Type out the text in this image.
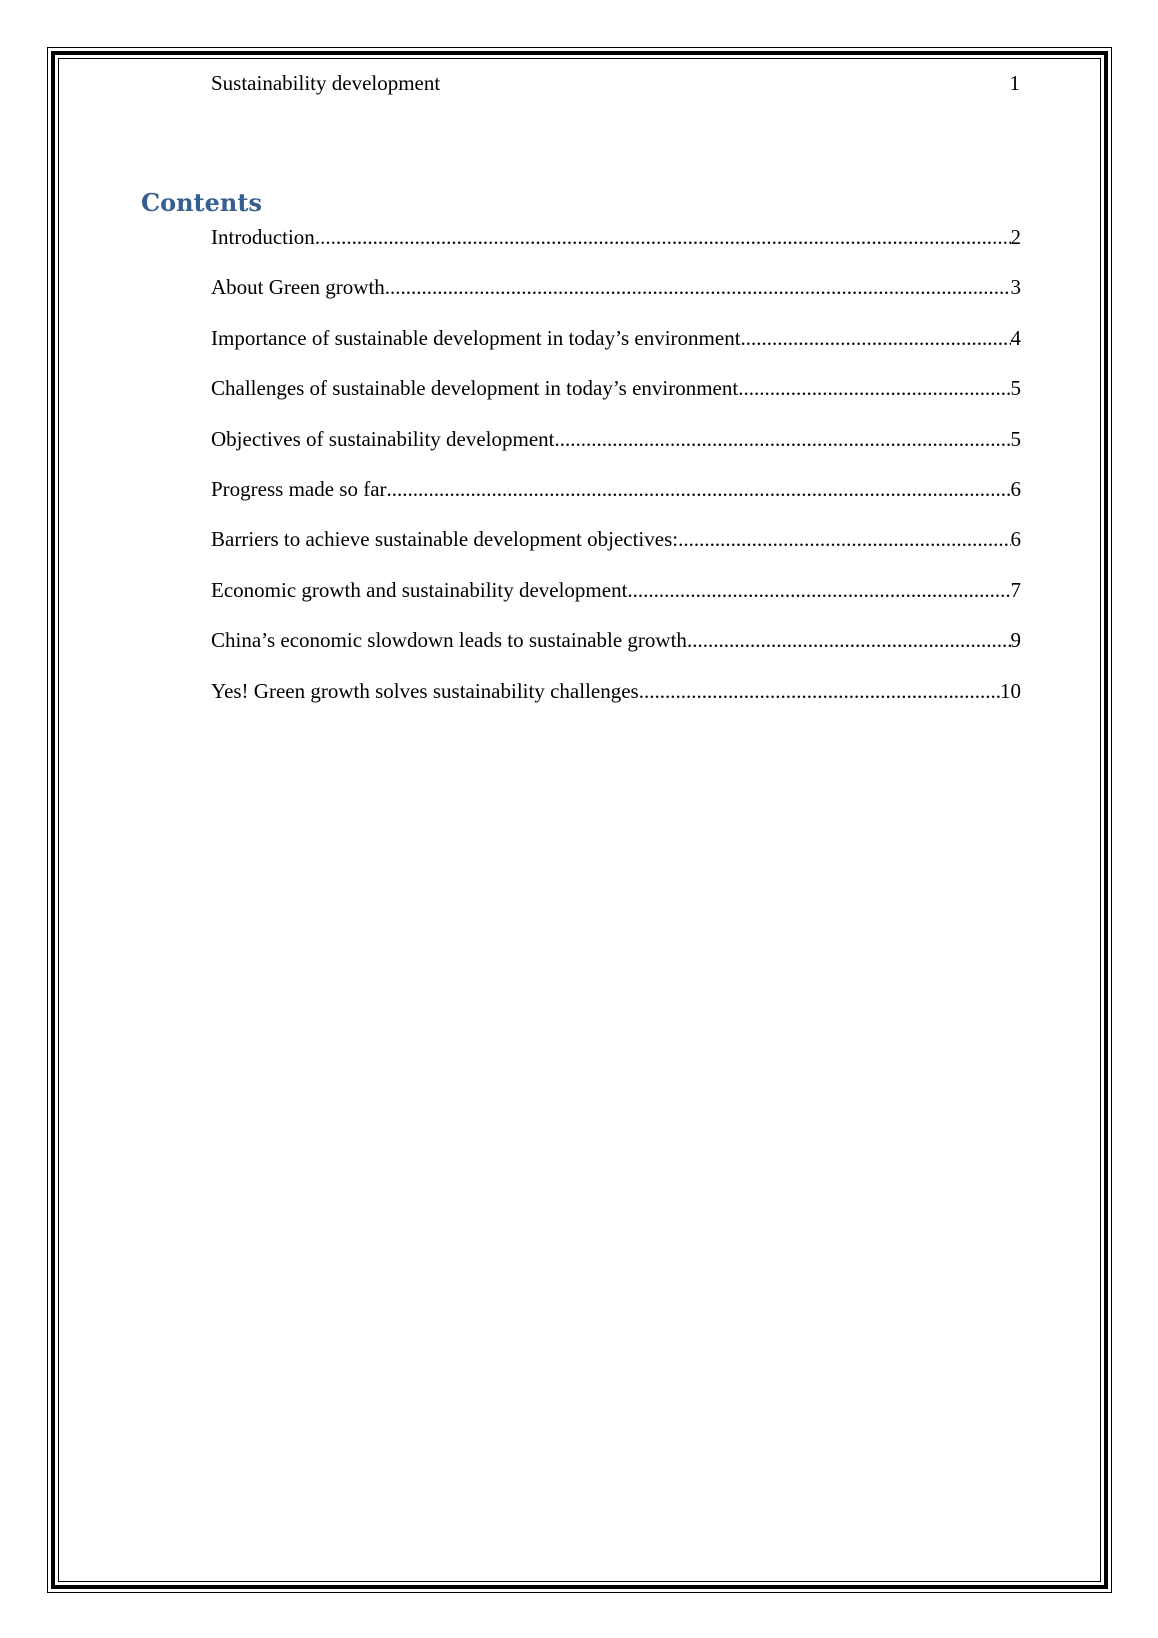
Sustainability development	1
Contents
Introduction .....	2
About Green growth .....	3
Importance of sustainable development in today’s environment .....	4
Challenges of sustainable development in today’s environment .....	5
Objectives of sustainability development .....	5
Progress made so far .....	6
Barriers to achieve sustainable development objectives: .....	6
Economic growth and sustainability development .....	7
China’s economic slowdown leads to sustainable growth .....	9
Yes! Green growth solves sustainability challenges .....	10
